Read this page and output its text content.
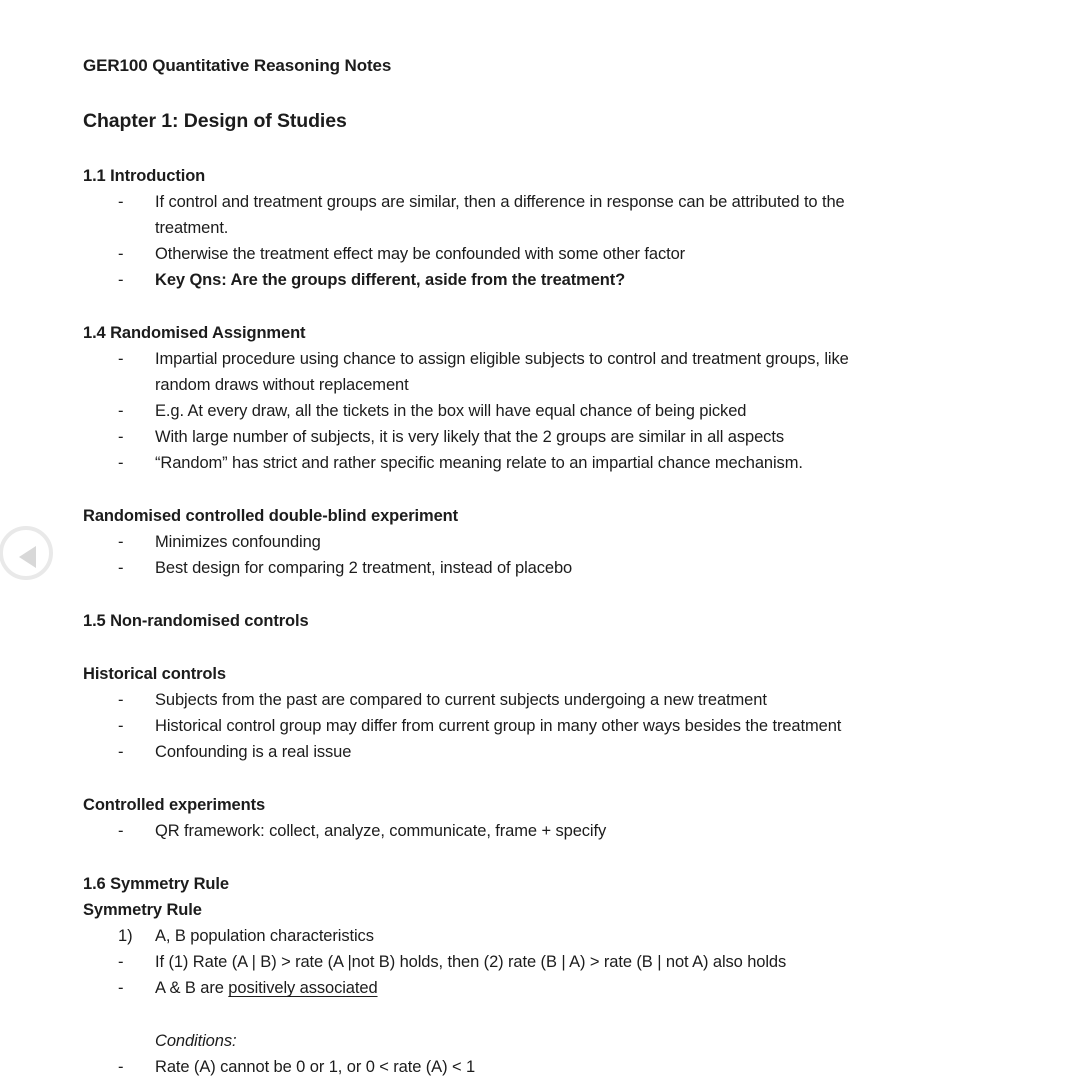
GER100 Quantitative Reasoning Notes
Chapter 1: Design of Studies
1.1 Introduction
-	If control and treatment groups are similar, then a difference in response can be attributed to the
treatment.
-	Otherwise the treatment effect may be confounded with some other factor
-	Key Qns: Are the groups different, aside from the treatment?
1.4 Randomised Assignment
-	Impartial procedure using chance to assign eligible subjects to control and treatment groups, like
random draws without replacement
-	E.g. At every draw, all the tickets in the box will have equal chance of being picked
-	With large number of subjects, it is very likely that the 2 groups are similar in all aspects
-	“Random” has strict and rather specific meaning relate to an impartial chance mechanism.
Randomised controlled double-blind experiment
-	Minimizes confounding
-	Best design for comparing 2 treatment, instead of placebo
1.5 Non-randomised controls
Historical controls
-	Subjects from the past are compared to current subjects undergoing a new treatment
-	Historical control group may differ from current group in many other ways besides the treatment
-	Confounding is a real issue
Controlled experiments
-	QR framework: collect, analyze, communicate, frame + specify
1.6 Symmetry Rule
Symmetry Rule
1)	A, B population characteristics
-	If (1) Rate (A | B) > rate (A |not B) holds, then (2) rate (B | A) > rate (B | not A) also holds
-	A & B are positively associated
Conditions:
-	Rate (A) cannot be 0 or 1, or 0 < rate (A) < 1
